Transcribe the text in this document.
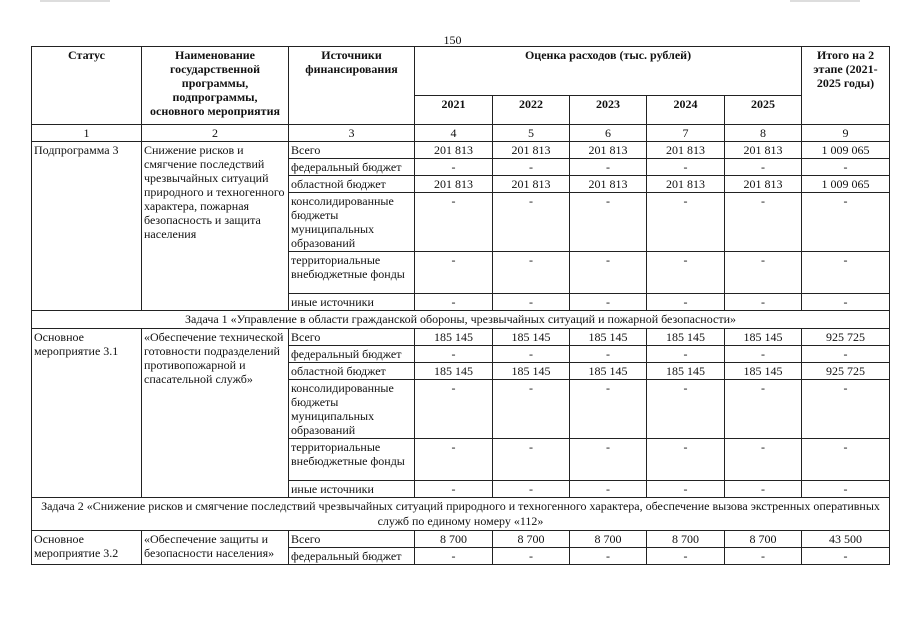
150
Статус	Наименование государственной программы, подпрограммы, основного мероприятия	Источники финансирования	Оценка расходов (тыс. рублей)					Итого на 2 этапе (2021-2025 годы)
			2021	2022	2023	2024	2025	
1	2	3	4	5	6	7	8	9
Подпрограмма 3	Снижение рисков и смягчение последствий чрезвычайных ситуаций природного и техногенного характера, пожарная безопасность и защита населения	Всего	201 813	201 813	201 813	201 813	201 813	1 009 065
		федеральный бюджет	-	-	-	-	-	-
		областной бюджет	201 813	201 813	201 813	201 813	201 813	1 009 065
		консолидированные бюджеты муниципальных образований	-	-	-	-	-	-
		территориальные внебюджетные фонды	-	-	-	-	-	-
		иные источники	-	-	-	-	-	-
Задача 1 «Управление в области гражданской обороны, чрезвычайных ситуаций и пожарной безопасности»								
Основное мероприятие 3.1	«Обеспечение технической готовности подразделений противопожарной и спасательной служб»	Всего	185 145	185 145	185 145	185 145	185 145	925 725
		федеральный бюджет	-	-	-	-	-	-
		областной бюджет	185 145	185 145	185 145	185 145	185 145	925 725
		консолидированные бюджеты муниципальных образований	-	-	-	-	-	-
		территориальные внебюджетные фонды	-	-	-	-	-	-
		иные источники	-	-	-	-	-	-
Задача 2 «Снижение рисков и смягчение последствий чрезвычайных ситуаций природного и техногенного характера, обеспечение вызова экстренных оперативных служб по единому номеру «112»								
Основное мероприятие 3.2	«Обеспечение защиты и безопасности населения»	Всего	8 700	8 700	8 700	8 700	8 700	43 500
		федеральный бюджет	-	-	-	-	-	-
